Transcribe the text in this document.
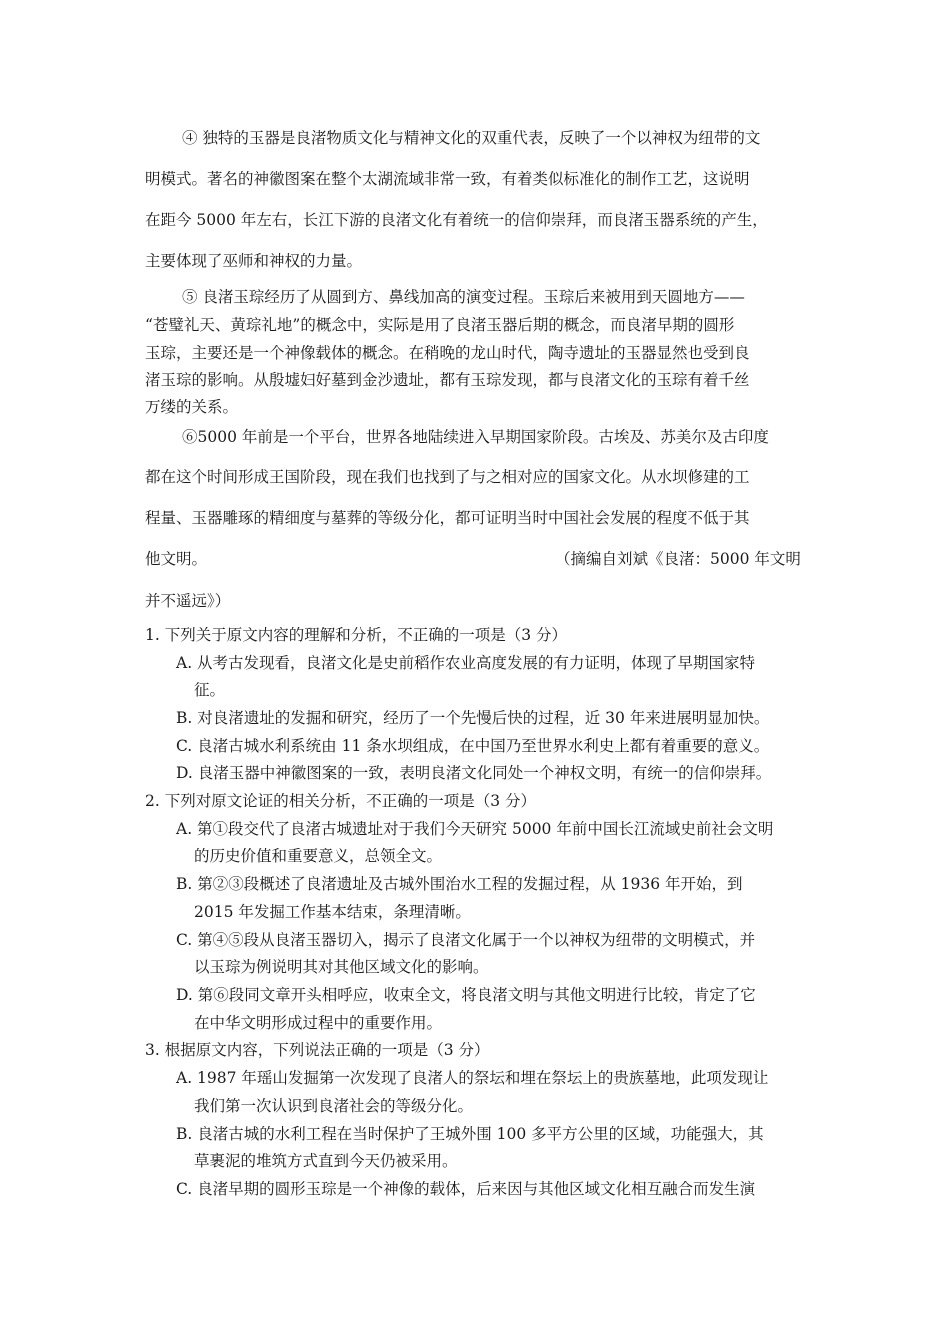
④ 独特的玉器是良渚物质文化与精神文化的双重代表，反映了一个以神权为纽带的文
明模式。著名的神徽图案在整个太湖流域非常一致，有着类似标准化的制作工艺，这说明
在距今 5000 年左右，长江下游的良渚文化有着统一的信仰崇拜，而良渚玉器系统的产生，
主要体现了巫师和神权的力量。
⑤ 良渚玉琮经历了从圆到方、鼻线加高的演变过程。玉琮后来被用到天圆地方——
“苍璧礼天、黄琮礼地”的概念中，实际是用了良渚玉器后期的概念，而良渚早期的圆形
玉琮，主要还是一个神像载体的概念。在稍晚的龙山时代，陶寺遗址的玉器显然也受到良
渚玉琮的影响。从殷墟妇好墓到金沙遗址，都有玉琮发现，都与良渚文化的玉琮有着千丝
万缕的关系。
⑥5000 年前是一个平台，世界各地陆续进入早期国家阶段。古埃及、苏美尔及古印度
都在这个时间形成王国阶段，现在我们也找到了与之相对应的国家文化。从水坝修建的工
程量、玉器雕琢的精细度与墓葬的等级分化，都可证明当时中国社会发展的程度不低于其
他文明。	（摘编自刘斌《良渚：5000 年文明
并不遥远》）
1. 下列关于原文内容的理解和分析，不正确的一项是（3 分）
A. 从考古发现看，良渚文化是史前稻作农业高度发展的有力证明，体现了早期国家特
征。
B. 对良渚遗址的发掘和研究，经历了一个先慢后快的过程，近 30 年来进展明显加快。
C. 良渚古城水利系统由 11 条水坝组成，在中国乃至世界水利史上都有着重要的意义。
D. 良渚玉器中神徽图案的一致，表明良渚文化同处一个神权文明，有统一的信仰崇拜。
2. 下列对原文论证的相关分析，不正确的一项是（3 分）
A. 第①段交代了良渚古城遗址对于我们今天研究 5000 年前中国长江流域史前社会文明
的历史价值和重要意义，总领全文。
B. 第②③段概述了良渚遗址及古城外围治水工程的发掘过程，从 1936 年开始，到
2015 年发掘工作基本结束，条理清晰。
C. 第④⑤段从良渚玉器切入，揭示了良渚文化属于一个以神权为纽带的文明模式，并
以玉琮为例说明其对其他区域文化的影响。
D. 第⑥段同文章开头相呼应，收束全文，将良渚文明与其他文明进行比较，肯定了它
在中华文明形成过程中的重要作用。
3. 根据原文内容，下列说法正确的一项是（3 分）
A. 1987 年瑶山发掘第一次发现了良渚人的祭坛和埋在祭坛上的贵族墓地，此项发现让
我们第一次认识到良渚社会的等级分化。
B. 良渚古城的水利工程在当时保护了王城外围 100 多平方公里的区域，功能强大，其
草裹泥的堆筑方式直到今天仍被采用。
C. 良渚早期的圆形玉琮是一个神像的载体，后来因与其他区域文化相互融合而发生演
